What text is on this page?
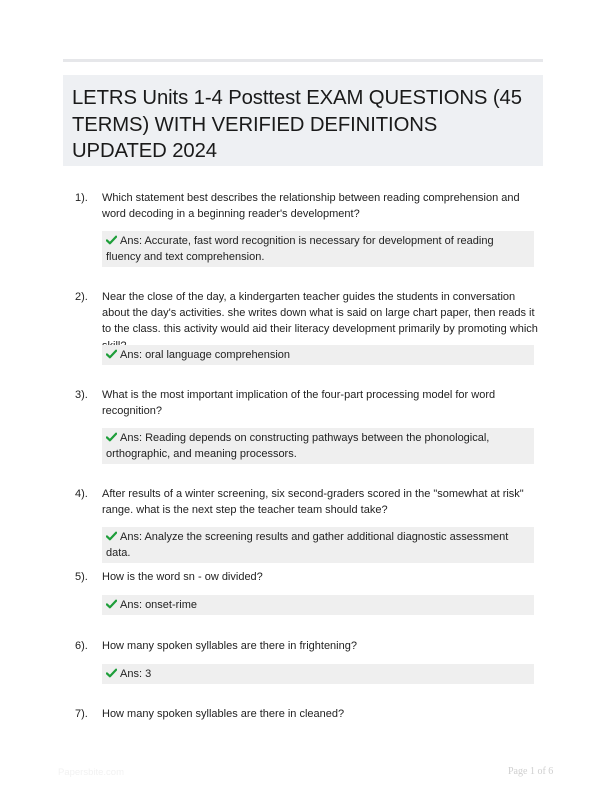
LETRS Units 1-4 Posttest EXAM QUESTIONS (45 TERMS) WITH VERIFIED DEFINITIONS UPDATED 2024
1). Which statement best describes the relationship between reading comprehension and word decoding in a beginning reader's development?
Ans: Accurate, fast word recognition is necessary for development of reading fluency and text comprehension.
2). Near the close of the day, a kindergarten teacher guides the students in conversation about the day's activities. she writes down what is said on large chart paper, then reads it to the class. this activity would aid their literacy development primarily by promoting which
Ans: oral language comprehension
3). What is the most important implication of the four-part processing model for word recognition?
Ans: Reading depends on constructing pathways between the phonological, orthographic, and meaning processors.
4). After results of a winter screening, six second-graders scored in the "somewhat at risk" range. what is the next step the teacher team should take?
Ans: Analyze the screening results and gather additional diagnostic assessment data.
5). How is the word sn - ow divided?
Ans: onset-rime
6). How many spoken syllables are there in frightening?
Ans: 3
7). How many spoken syllables are there in cleaned?
Papersbite.com	Page 1 of 6
